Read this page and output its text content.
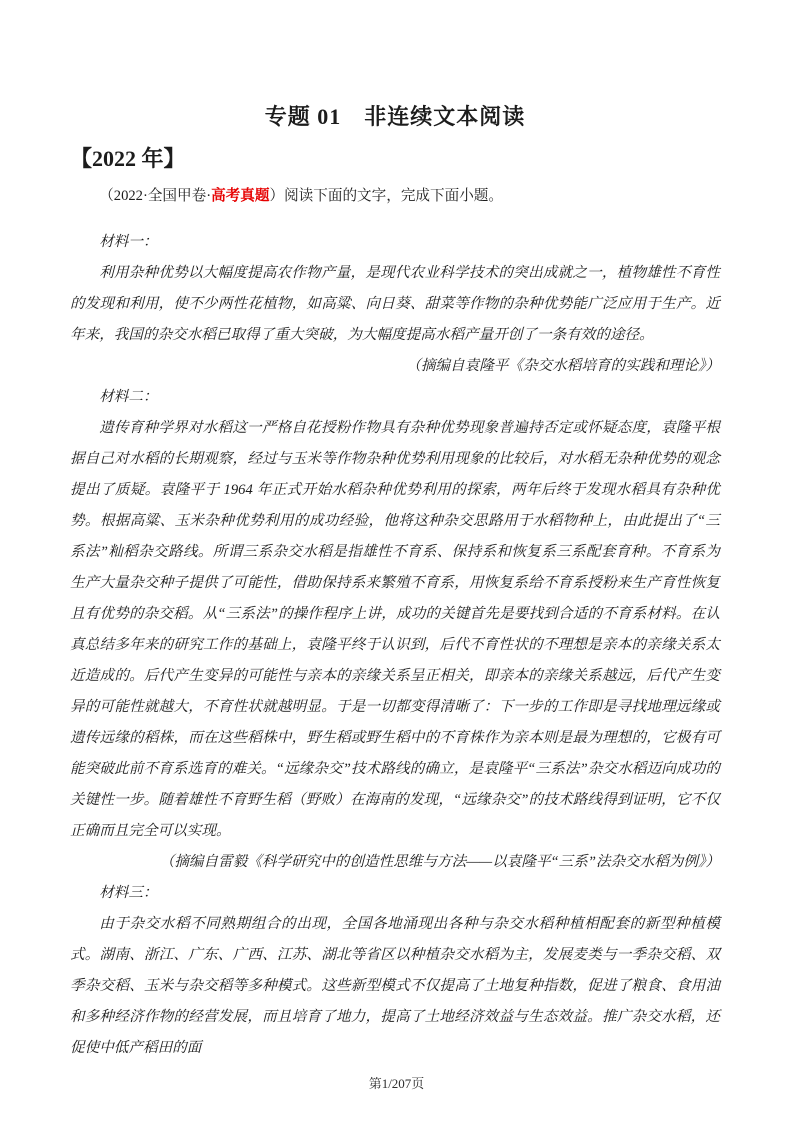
专题 01　非连续文本阅读
【2022 年】

（2022·全国甲卷·高考真题）阅读下面的文字，完成下面小题。

材料一：

利用杂种优势以大幅度提高农作物产量，是现代农业科学技术的突出成就之一，植物雄性不育性的发现和利用，使不少两性花植物，如高粱、向日葵、甜菜等作物的杂种优势能广泛应用于生产。近年来，我国的杂交水稻已取得了重大突破，为大幅度提高水稻产量开创了一条有效的途径。

（摘编自袁隆平《杂交水稻培育的实践和理论》）

材料二：

遗传育种学界对水稻这一严格自花授粉作物具有杂种优势现象普遍持否定或怀疑态度，袁隆平根据自己对水稻的长期观察，经过与玉米等作物杂种优势利用现象的比较后，对水稻无杂种优势的观念提出了质疑。袁隆平于 1964 年正式开始水稻杂种优势利用的探索，两年后终于发现水稻具有杂种优势。根据高粱、玉米杂种优势利用的成功经验，他将这种杂交思路用于水稻物种上，由此提出了“三系法”籼稻杂交路线。所谓三系杂交水稻是指雄性不育系、保持系和恢复系三系配套育种。不育系为生产大量杂交种子提供了可能性，借助保持系来繁殖不育系，用恢复系给不育系授粉来生产育性恢复且有优势的杂交稻。从“三系法”的操作程序上讲，成功的关键首先是要找到合适的不育系材料。在认真总结多年来的研究工作的基础上，袁隆平终于认识到，后代不育性状的不理想是亲本的亲缘关系太近造成的。后代产生变异的可能性与亲本的亲缘关系呈正相关，即亲本的亲缘关系越远，后代产生变异的可能性就越大，不育性状就越明显。于是一切都变得清晰了：下一步的工作即是寻找地理远缘或遗传远缘的稻株，而在这些稻株中，野生稻或野生稻中的不育株作为亲本则是最为理想的，它极有可能突破此前不育系选育的难关。“远缘杂交”技术路线的确立，是袁隆平“三系法”杂交水稻迈向成功的关键性一步。随着雄性不育野生稻（野败）在海南的发现，“远缘杂交”的技术路线得到证明，它不仅正确而且完全可以实现。

（摘编自雷毅《科学研究中的创造性思维与方法——以袁隆平“三系”法杂交水稻为例》）

材料三：

由于杂交水稻不同熟期组合的出现，全国各地涌现出各种与杂交水稻种植相配套的新型种植模式。湖南、浙江、广东、广西、江苏、湖北等省区以种植杂交水稻为主，发展麦类与一季杂交稻、双季杂交稻、玉米与杂交稻等多种模式。这些新型模式不仅提高了土地复种指数，促进了粮食、食用油和多种经济作物的经营发展，而且培育了地力，提高了土地经济效益与生态效益。推广杂交水稻，还促使中低产稻田的面

第1/207页
